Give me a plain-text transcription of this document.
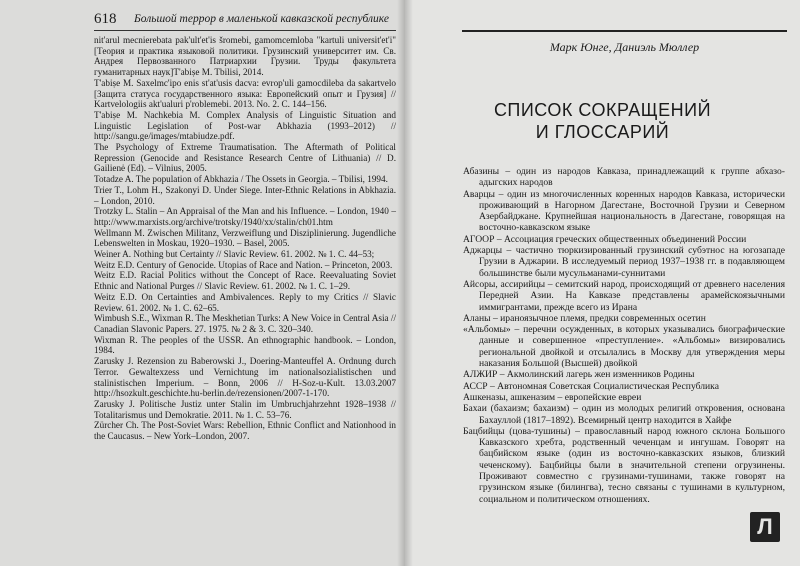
618 Большой террор в маленькой кавказской республике
nit'arul mecnierebata pak'ult'et'is šromebi, gamomcemloba "kartuli universit'et'i" [Теория и практика языковой политики. Грузинский университет им. Св. Андрея Первозванного Патриархии Грузии. Труды факультета гуманитарных наук]T'abiṣe M. Tbilisi, 2014.
T'abiṣe M. Saxelmc'ipo enis st'at'usis dacva: evrop'uli gamocdileba da sakartvelo [Защита статуса государственного языка: Европейский опыт и Грузия] // Kartvelologiis akt'ualuri p'roblemebi. 2013. No. 2. С. 144–156.
T'abiṣe M. Nachkebia M. Complex Analysis of Linguistic Situation and Linguistic Legislation of Post-war Abkhazia (1993–2012) // http://sangu.ge/images/mtabiudze.pdf.
The Psychology of Extreme Traumatisation. The Aftermath of Political Repression (Genocide and Resistance Research Centre of Lithuania) // D. Gailienė (Ed). – Vilnius, 2005.
Totadze A. The population of Abkhazia / The Ossets in Georgia. – Tbilisi, 1994.
Trier T., Lohm H., Szakonyi D. Under Siege. Inter-Ethnic Relations in Abkhazia. – London, 2010.
Trotzky L. Stalin – An Appraisal of the Man and his Influence. – London, 1940 – http://www.marxists.org/archive/trotsky/1940/xx/stalin/ch01.htm
Wellmann M. Zwischen Militanz, Verzweiflung und Disziplinierung. Jugendliche Lebenswelten in Moskau, 1920–1930. – Basel, 2005.
Weiner A. Nothing but Certainty // Slavic Review. 61. 2002. № 1. С. 44–53;
Weitz E.D. Century of Genocide. Utopias of Race and Nation. – Princeton, 2003.
Weitz E.D. Racial Politics without the Concept of Race. Reevaluating Soviet Ethnic and National Purges // Slavic Review. 61. 2002. № 1. С. 1–29.
Weitz E.D. On Certainties and Ambivalences. Reply to my Critics // Slavic Review. 61. 2002. № 1. С. 62–65.
Wimbush S.E., Wixman R. The Meskhetian Turks: A New Voice in Central Asia // Canadian Slavonic Papers. 27. 1975. № 2 & 3. С. 320–340.
Wixman R. The peoples of the USSR. An ethnographic handbook. – London, 1984.
Zarusky J. Rezension zu Baberowski J., Doering-Manteuffel A. Ordnung durch Terror. Gewaltexzess und Vernichtung im nationalsozialistischen und stalinistischen Imperium. – Bonn, 2006 // H-Soz-u-Kult. 13.03.2007 http://hsozkult.geschichte.hu-berlin.de/rezensionen/2007-1-170.
Zarusky J. Politische Justiz unter Stalin im Umbruchjahrzehnt 1928–1938 // Totalitarismus und Demokratie. 2011. № 1. С. 53–76.
Zürcher Ch. The Post-Soviet Wars: Rebellion, Ethnic Conflict and Nationhood in the Caucasus. – New York–London, 2007.
Марк Юнге, Даниэль Мюллер
СПИСОК СОКРАЩЕНИЙ
И ГЛОССАРИЙ
Абазины – один из народов Кавказа, принадлежащий к группе абхазо-адыгских народов
Аварцы – один из многочисленных коренных народов Кавказа, исторически проживающий в Нагорном Дагестане, Восточной Грузии и Северном Азербайджане. Крупнейшая национальность в Дагестане, говорящая на восточно-кавказском языке
АГООР – Ассоциация греческих общественных объединений России
Аджарцы – частично тюркизированный грузинский субэтнос на югозападе Грузии в Аджарии. В исследуемый период 1937–1938 гг. в подавляющем большинстве были мусульманами-суннитами
Айсоры, ассирийцы – семитский народ, происходящий от древнего населения Передней Азии. На Кавказе представлены арамейскоязычными иммигрантами, прежде всего из Ирана
Аланы – ираноязычное племя, предки современных осетин
«Альбомы» – перечни осужденных, в которых указывались биографические данные и совершенное «преступление». «Альбомы» визировались региональной двойкой и отсылались в Москву для утверждения меры наказания Большой (Высшей) двойкой
АЛЖИР – Акмолинский лагерь жен изменников Родины
АССР – Автономная Советская Социалистическая Республика
Ашкеназы, ашкеназим – европейские евреи
Бахаи (бахаизм; бахаизм) – один из молодых религий откровения, основана Бахауллой (1817–1892). Всемирный центр находится в Хайфе
Бацбийцы (цова-тушины) – православный народ южного склона Большого Кавказского хребта, родственный чеченцам и ингушам. Говорят на бацбийском языке (один из восточно-кавказских языков, близкий чеченскому). Бацбийцы были в значительной степени огрузинены. Проживают совместно с грузинами-тушинами, также говорят на грузинском языке (билингва), тесно связаны с тушинами в культурном, социальном и политическом отношениях.
Л
